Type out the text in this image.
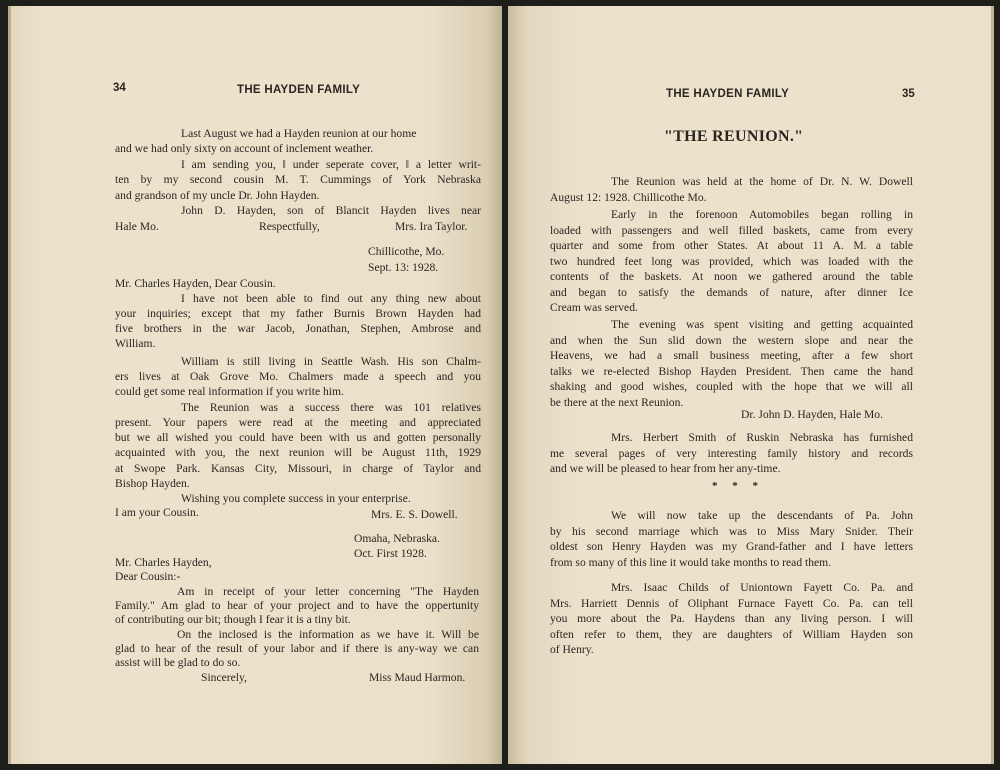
34	THE HAYDEN FAMILY
Last August we had a Hayden reunion at our home
and we had only sixty on account of inclement weather.
I am sending you, ‖ under seperate cover, ‖ a letter writ-
ten by my second cousin M. T. Cummings of York Nebraska
and grandson of my uncle Dr. John Hayden.
John D. Hayden, son of Blancit Hayden lives near
Hale Mo.	Respectfully,	Mrs. Ira Taylor.
Chillicothe, Mo.
Sept. 13: 1928.
Mr. Charles Hayden, Dear Cousin.
I have not been able to find out any thing new about
your inquiries; except that my father Burnis Brown Hayden had
five brothers in the war Jacob, Jonathan, Stephen, Ambrose and
William.
William is still living in Seattle Wash. His son Chalm-
ers lives at Oak Grove Mo. Chalmers made a speech and you
could get some real information if you write him.
The Reunion was a success there was 101 relatives
present. Your papers were read at the meeting and appreciated
but we all wished you could have been with us and gotten personally
acquainted with you, the next reunion will be August 11th, 1929
at Swope Park. Kansas City, Missouri, in charge of Taylor and
Bishop Hayden.
Wishing you complete success in your enterprise.
I am your Cousin.	Mrs. E. S. Dowell.
Omaha, Nebraska.
Oct. First 1928.
Mr. Charles Hayden,
Dear Cousin:-
Am in receipt of your letter concerning "The Hayden
Family." Am glad to hear of your project and to have the oppertunity
of contributing our bit; though I fear it is a tiny bit.
On the inclosed is the information as we have it. Will be
glad to hear of the result of your labor and if there is any-way we can
assist will be glad to do so.
Sincerely,	Miss Maud Harmon.
THE HAYDEN FAMILY	35
"THE REUNION."
The Reunion was held at the home of Dr. N. W. Dowell
August 12: 1928. Chillicothe Mo.
Early in the forenoon Automobiles began rolling in
loaded with passengers and well filled baskets, came from every
quarter and some from other States. At about 11 A. M. a table
two hundred feet long was provided, which was loaded with the
contents of the baskets. At noon we gathered around the table
and began to satisfy the demands of nature, after dinner Ice
Cream was served.
The evening was spent visiting and getting acquainted
and when the Sun slid down the western slope and near the
Heavens, we had a small business meeting, after a few short
talks we re-elected Bishop Hayden President. Then came the hand
shaking and good wishes, coupled with the hope that we will all
be there at the next Reunion.
Dr. John D. Hayden, Hale Mo.
Mrs. Herbert Smith of Ruskin Nebraska has furnished
me several pages of very interesting family history and records
and we will be pleased to hear from her any-time.
* * *
We will now take up the descendants of Pa. John
by his second marriage which was to Miss Mary Snider. Their
oldest son Henry Hayden was my Grand-father and I have letters
from so many of this line it would take months to read them.
Mrs. Isaac Childs of Uniontown Fayett Co. Pa. and
Mrs. Harriett Dennis of Oliphant Furnace Fayett Co. Pa. can tell
you more about the Pa. Haydens than any living person. I will
often refer to them, they are daughters of William Hayden son
of Henry.
